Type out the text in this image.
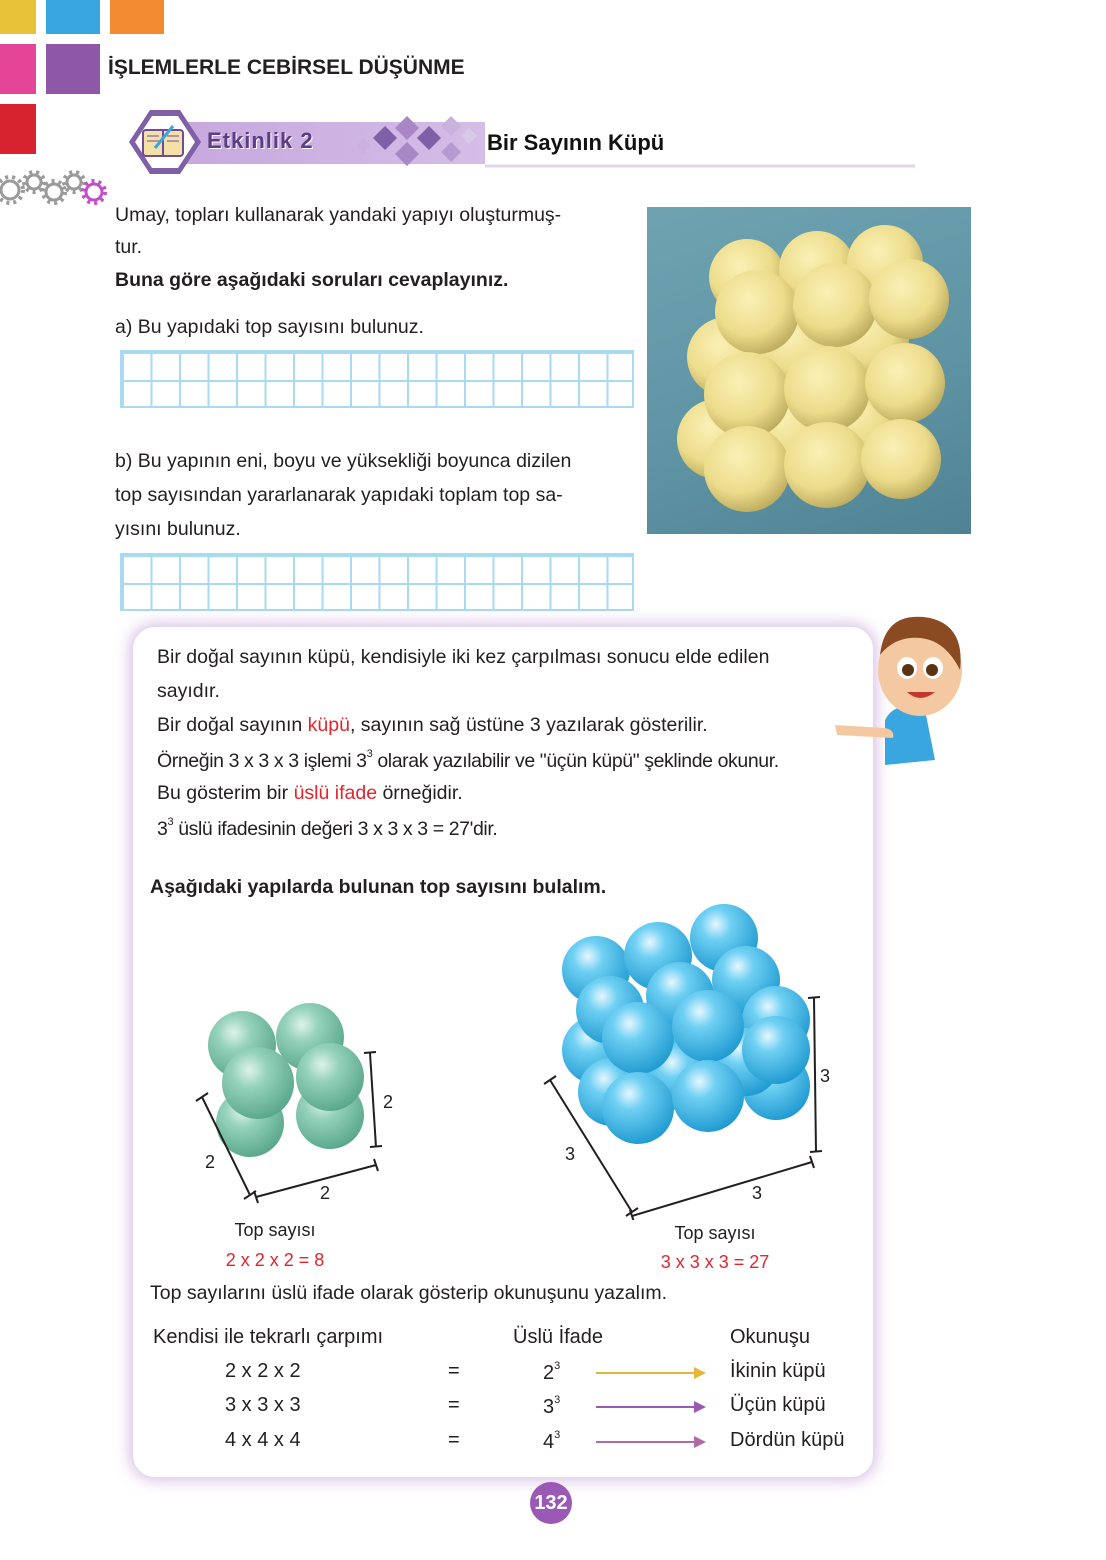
İŞLEMLERLE CEBİRSEL DÜŞÜNME
Etkinlik 2	Bir Sayının Küpü
Umay, topları kullanarak yandaki yapıyı oluşturmuş-
tur.
Buna göre aşağıdaki soruları cevaplayınız.
a) Bu yapıdaki top sayısını bulunuz.
b) Bu yapının eni, boyu ve yüksekliği boyunca dizilen
top sayısından yararlanarak yapıdaki toplam top sa-
yısını bulunuz.
Bir doğal sayının küpü, kendisiyle iki kez çarpılması sonucu elde edilen
sayıdır.
Bir doğal sayının küpü, sayının sağ üstüne 3 yazılarak gösterilir.
Örneğin 3 x 3 x 3 işlemi $3^3$ olarak yazılabilir ve "üçün küpü" şeklinde okunur.
Bu gösterim bir üslü ifade örneğidir.
$3^3$ üslü ifadesinin değeri 3 x 3 x 3 = 27'dir.
Aşağıdaki yapılarda bulunan top sayısını bulalım.
2
2
2
Top sayısı
2 x 2 x 2 = 8
3
3
3
Top sayısı
3 x 3 x 3 = 27
Top sayılarını üslü ifade olarak gösterip okunuşunu yazalım.
Kendisi ile tekrarlı çarpımı	Üslü İfade	Okunuşu
2 x 2 x 2	=	$2^3$	İkinin küpü
3 x 3 x 3	=	$3^3$	Üçün küpü
4 x 4 x 4	=	$4^3$	Dördün küpü
132
